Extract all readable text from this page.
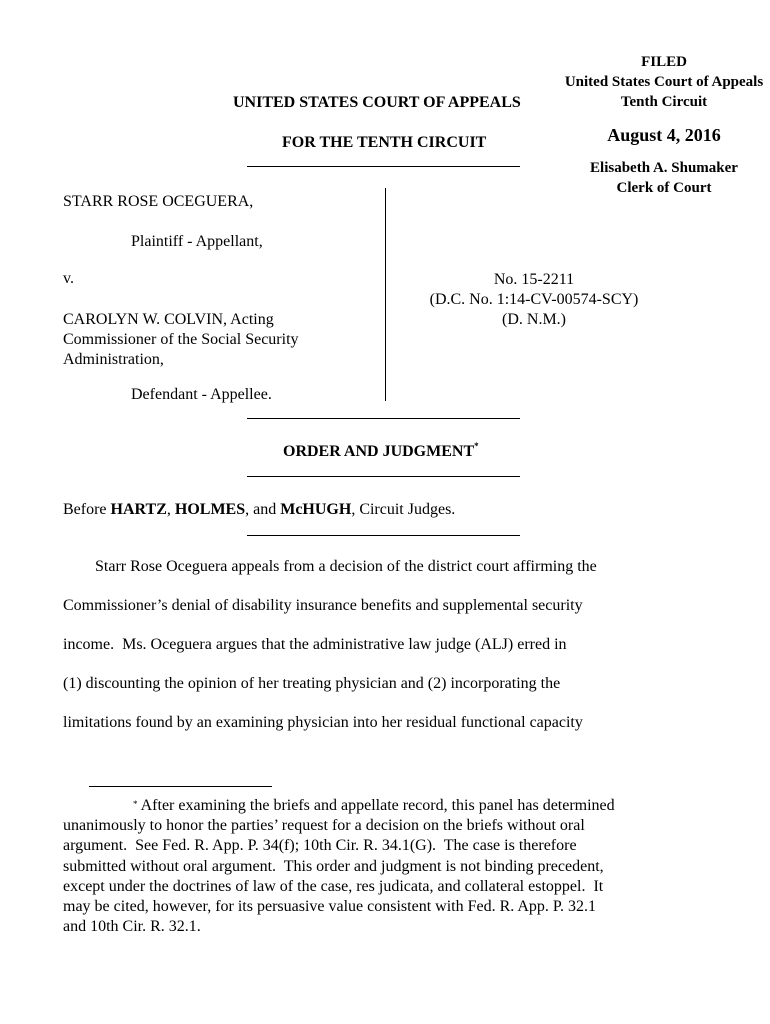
FILED
United States Court of Appeals
Tenth Circuit
August 4, 2016
Elisabeth A. Shumaker
Clerk of Court
UNITED STATES COURT OF APPEALS
FOR THE TENTH CIRCUIT
STARR ROSE OCEGUERA,
Plaintiff - Appellant,
v.
CAROLYN W. COLVIN, Acting
Commissioner of the Social Security
Administration,
Defendant - Appellee.
No. 15-2211
(D.C. No. 1:14-CV-00574-SCY)
(D. N.M.)
ORDER AND JUDGMENT*
Before HARTZ, HOLMES, and McHUGH, Circuit Judges.
Starr Rose Oceguera appeals from a decision of the district court affirming the
Commissioner’s denial of disability insurance benefits and supplemental security
income.  Ms. Oceguera argues that the administrative law judge (ALJ) erred in
(1) discounting the opinion of her treating physician and (2) incorporating the
limitations found by an examining physician into her residual functional capacity
* After examining the briefs and appellate record, this panel has determined
unanimously to honor the parties’ request for a decision on the briefs without oral
argument.  See Fed. R. App. P. 34(f); 10th Cir. R. 34.1(G).  The case is therefore
submitted without oral argument.  This order and judgment is not binding precedent,
except under the doctrines of law of the case, res judicata, and collateral estoppel.  It
may be cited, however, for its persuasive value consistent with Fed. R. App. P. 32.1
and 10th Cir. R. 32.1.
